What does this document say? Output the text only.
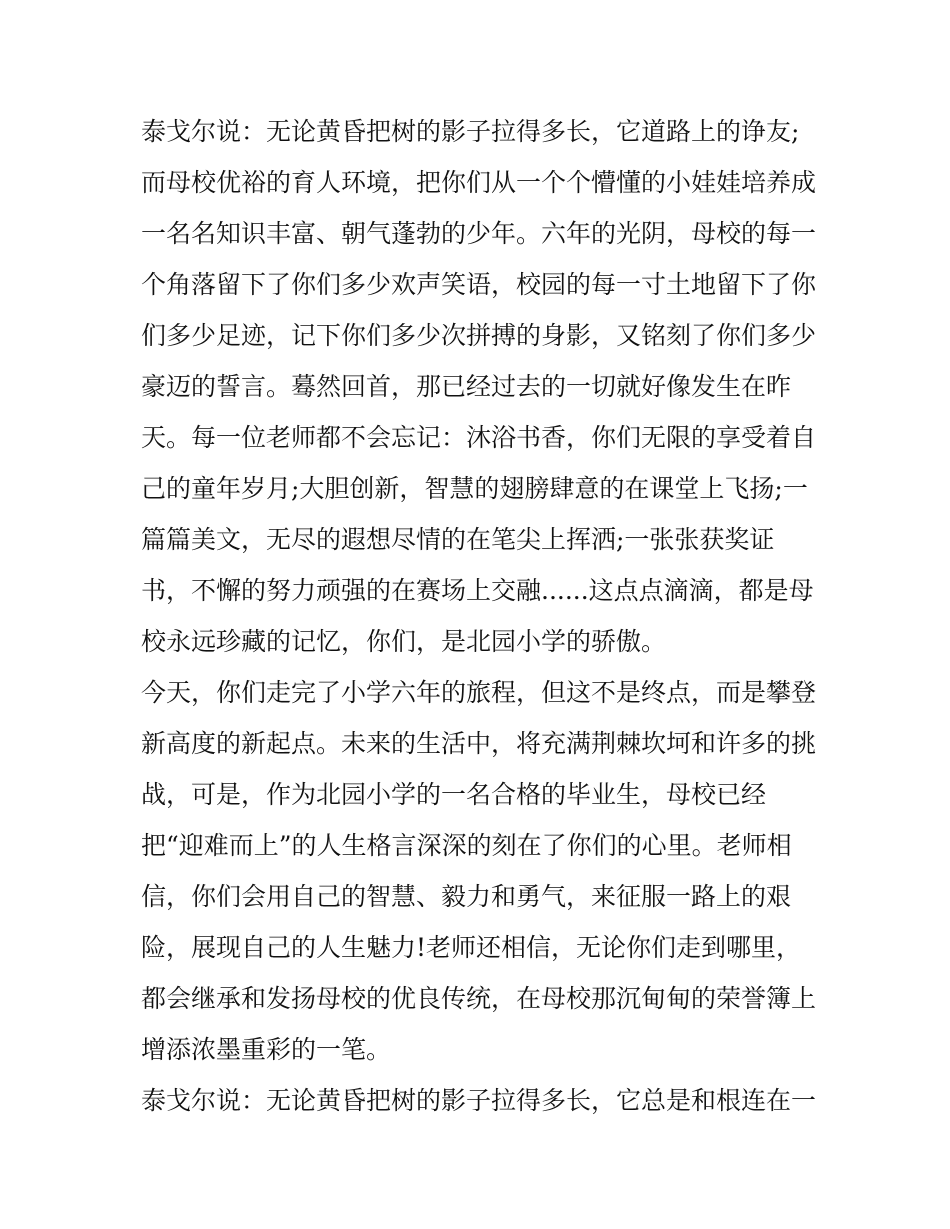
泰戈尔说：无论黄昏把树的影子拉得多长，它道路上的诤友;
而母校优裕的育人环境，把你们从一个个懵懂的小娃娃培养成
一名名知识丰富、朝气蓬勃的少年。六年的光阴，母校的每一
个角落留下了你们多少欢声笑语，校园的每一寸土地留下了你
们多少足迹，记下你们多少次拼搏的身影，又铭刻了你们多少
豪迈的誓言。蓦然回首，那已经过去的一切就好像发生在昨
天。每一位老师都不会忘记：沐浴书香，你们无限的享受着自
己的童年岁月;大胆创新，智慧的翅膀肆意的在课堂上飞扬;一
篇篇美文，无尽的遐想尽情的在笔尖上挥洒;一张张获奖证
书，不懈的努力顽强的在赛场上交融......这点点滴滴，都是母
校永远珍藏的记忆，你们，是北园小学的骄傲。
今天，你们走完了小学六年的旅程，但这不是终点，而是攀登
新高度的新起点。未来的生活中，将充满荆棘坎坷和许多的挑
战，可是，作为北园小学的一名合格的毕业生，母校已经
把“迎难而上”的人生格言深深的刻在了你们的心里。老师相
信，你们会用自己的智慧、毅力和勇气，来征服一路上的艰
险，展现自己的人生魅力!老师还相信，无论你们走到哪里，
都会继承和发扬母校的优良传统，在母校那沉甸甸的荣誉簿上
增添浓墨重彩的一笔。
泰戈尔说：无论黄昏把树的影子拉得多长，它总是和根连在一
